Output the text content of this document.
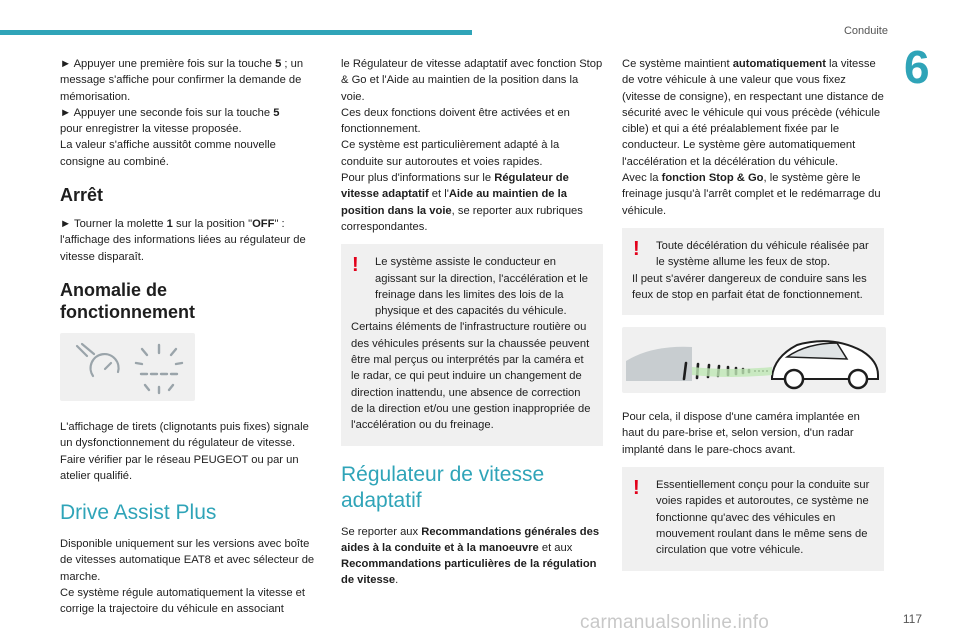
Conduite
6

► Appuyer une première fois sur la touche 5 ; un message s'affiche pour confirmer la demande de mémorisation.
► Appuyer une seconde fois sur la touche 5
pour enregistrer la vitesse proposée.
La valeur s'affiche aussitôt comme nouvelle consigne au combiné.

Arrêt

► Tourner la molette 1 sur la position "OFF" : l'affichage des informations liées au régulateur de vitesse disparaît.

Anomalie de fonctionnement

L'affichage de tirets (clignotants puis fixes) signale un dysfonctionnement du régulateur de vitesse.
Faire vérifier par le réseau PEUGEOT ou par un atelier qualifié.

Drive Assist Plus

Disponible uniquement sur les versions avec boîte de vitesses automatique EAT8 et avec sélecteur de marche.
Ce système régule automatiquement la vitesse et corrige la trajectoire du véhicule en associant

le Régulateur de vitesse adaptatif avec fonction Stop & Go et l'Aide au maintien de la position dans la voie.
Ces deux fonctions doivent être activées et en fonctionnement.
Ce système est particulièrement adapté à la conduite sur autoroutes et voies rapides.
Pour plus d'informations sur le Régulateur de vitesse adaptatif et l'Aide au maintien de la position dans la voie, se reporter aux rubriques correspondantes.

!	Le système assiste le conducteur en agissant sur la direction, l'accélération et le freinage dans les limites des lois de la physique et des capacités du véhicule.
Certains éléments de l'infrastructure routière ou des véhicules présents sur la chaussée peuvent être mal perçus ou interprétés par la caméra et le radar, ce qui peut induire un changement de direction inattendu, une absence de correction de la direction et/ou une gestion inappropriée de l'accélération ou du freinage.

Régulateur de vitesse adaptatif

Se reporter aux Recommandations générales des aides à la conduite et à la manoeuvre et aux Recommandations particulières de la régulation de vitesse.

Ce système maintient automatiquement la vitesse de votre véhicule à une valeur que vous fixez (vitesse de consigne), en respectant une distance de sécurité avec le véhicule qui vous précède (véhicule cible) et qui a été préalablement fixée par le conducteur. Le système gère automatiquement l'accélération et la décélération du véhicule.
Avec la fonction Stop & Go, le système gère le freinage jusqu'à l'arrêt complet et le redémarrage du véhicule.

!	Toute décélération du véhicule réalisée par le système allume les feux de stop.
Il peut s'avérer dangereux de conduire sans les feux de stop en parfait état de fonctionnement.

Pour cela, il dispose d'une caméra implantée en haut du pare-brise et, selon version, d'un radar implanté dans le pare-chocs avant.

!	Essentiellement conçu pour la conduite sur voies rapides et autoroutes, ce système ne fonctionne qu'avec des véhicules en mouvement roulant dans le même sens de circulation que votre véhicule.

117
carmanualsonline.info
